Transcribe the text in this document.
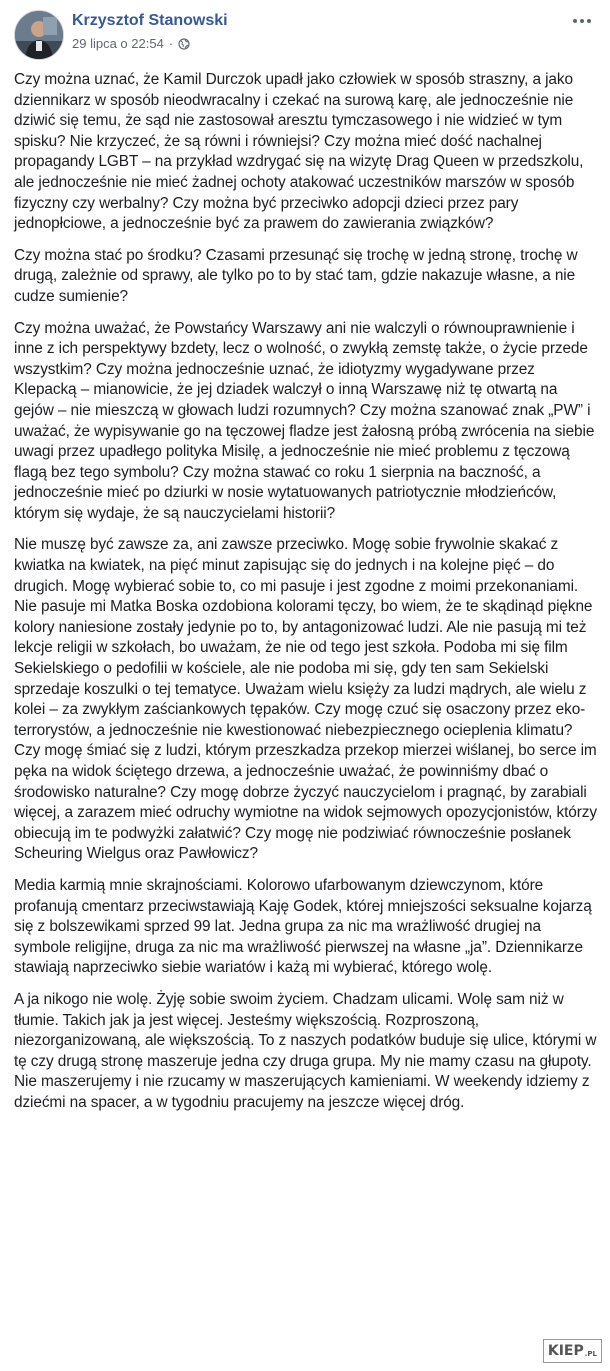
Krzysztof Stanowski
29 lipca o 22:54 ·

Czy można uznać, że Kamil Durczok upadł jako człowiek w sposób straszny, a jako dziennikarz w sposób nieodwracalny i czekać na surową karę, ale jednocześnie nie dziwić się temu, że sąd nie zastosował aresztu tymczasowego i nie widzieć w tym spisku? Nie krzyczeć, że są równi i równiejsi? Czy można mieć dość nachalnej propagandy LGBT – na przykład wzdrygać się na wizytę Drag Queen w przedszkolu, ale jednocześnie nie mieć żadnej ochoty atakować uczestników marszów w sposób fizyczny czy werbalny? Czy można być przeciwko adopcji dzieci przez pary jednopłciowe, a jednocześnie być za prawem do zawierania związków?

Czy można stać po środku? Czasami przesunąć się trochę w jedną stronę, trochę w drugą, zależnie od sprawy, ale tylko po to by stać tam, gdzie nakazuje własne, a nie cudze sumienie?

Czy można uważać, że Powstańcy Warszawy ani nie walczyli o równouprawnienie i inne z ich perspektywy bzdety, lecz o wolność, o zwykłą zemstę także, o życie przede wszystkim? Czy można jednocześnie uznać, że idiotyzmy wygadywane przez Klepacką – mianowicie, że jej dziadek walczył o inną Warszawę niż tę otwartą na gejów – nie mieszczą w głowach ludzi rozumnych? Czy można szanować znak „PW” i uważać, że wypisywanie go na tęczowej fladze jest żałosną próbą zwrócenia na siebie uwagi przez upadłego polityka Misilę, a jednocześnie nie mieć problemu z tęczową flagą bez tego symbolu? Czy można stawać co roku 1 sierpnia na baczność, a jednocześnie mieć po dziurki w nosie wytatuowanych patriotycznie młodzieńców, którym się wydaje, że są nauczycielami historii?

Nie muszę być zawsze za, ani zawsze przeciwko. Mogę sobie frywolnie skakać z kwiatka na kwiatek, na pięć minut zapisując się do jednych i na kolejne pięć – do drugich. Mogę wybierać sobie to, co mi pasuje i jest zgodne z moimi przekonaniami. Nie pasuje mi Matka Boska ozdobiona kolorami tęczy, bo wiem, że te skądinąd piękne kolory naniesione zostały jedynie po to, by antagonizować ludzi. Ale nie pasują mi też lekcje religii w szkołach, bo uważam, że nie od tego jest szkoła. Podoba mi się film Sekielskiego o pedofilii w kościele, ale nie podoba mi się, gdy ten sam Sekielski sprzedaje koszulki o tej tematyce. Uważam wielu księży za ludzi mądrych, ale wielu z kolei – za zwykłym zaściankowych tępaków. Czy mogę czuć się osaczony przez eko-terrorystów, a jednocześnie nie kwestionować niebezpiecznego ocieplenia klimatu? Czy mogę śmiać się z ludzi, którym przeszkadza przekop mierzei wiślanej, bo serce im pęka na widok ściętego drzewa, a jednocześnie uważać, że powinniśmy dbać o środowisko naturalne? Czy mogę dobrze życzyć nauczycielom i pragnąć, by zarabiali więcej, a zarazem mieć odruchy wymiotne na widok sejmowych opozycjonistów, którzy obiecują im te podwyżki załatwić? Czy mogę nie podziwiać równocześnie posłanek Scheuring Wielgus oraz Pawłowicz?

Media karmią mnie skrajnościami. Kolorowo ufarbowanym dziewczynom, które profanują cmentarz przeciwstawiają Kaję Godek, której mniejszości seksualne kojarzą się z bolszewikami sprzed 99 lat. Jedna grupa za nic ma wrażliwość drugiej na symbole religijne, druga za nic ma wrażliwość pierwszej na własne „ja”. Dziennikarze stawiają naprzeciwko siebie wariatów i każą mi wybierać, którego wolę.

A ja nikogo nie wolę. Żyję sobie swoim życiem. Chadzam ulicami. Wolę sam niż w tłumie. Takich jak ja jest więcej. Jesteśmy większością. Rozproszoną, niezorganizowaną, ale większością. To z naszych podatków buduje się ulice, którymi w tę czy drugą stronę maszeruje jedna czy druga grupa. My nie mamy czasu na głupoty. Nie maszerujemy i nie rzucamy w maszerujących kamieniami. W weekendy idziemy z dziećmi na spacer, a w tygodniu pracujemy na jeszcze więcej dróg.

KIEP .PL
